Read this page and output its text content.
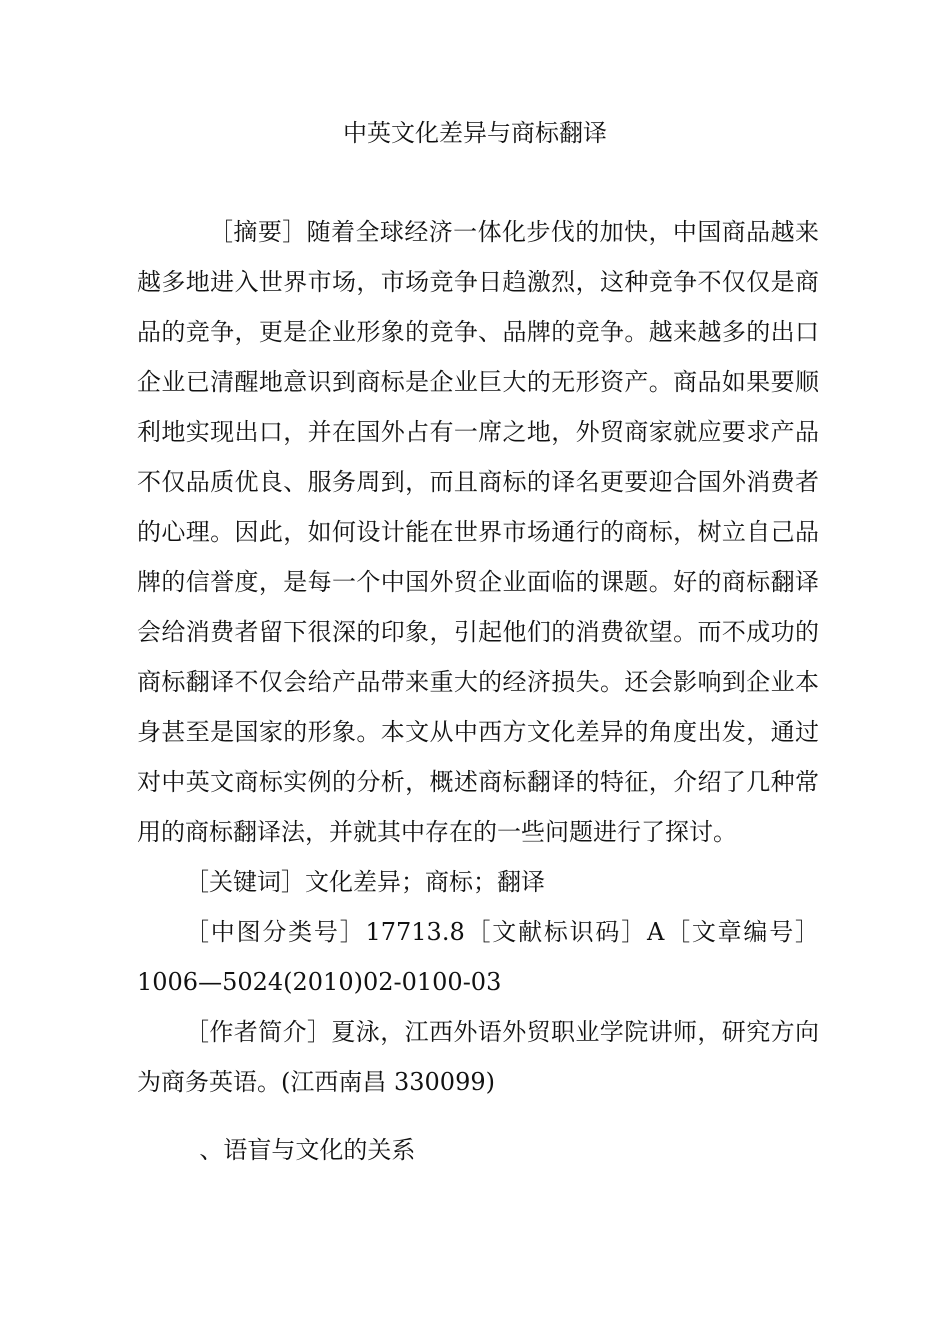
中英文化差异与商标翻译

［摘要］随着全球经济一体化步伐的加快，中国商品越来越多地进入世界市场，市场竞争日趋激烈，这种竞争不仅仅是商品的竞争，更是企业形象的竞争、品牌的竞争。越来越多的出口企业已清醒地意识到商标是企业巨大的无形资产。商品如果要顺利地实现出口，并在国外占有一席之地，外贸商家就应要求产品不仅品质优良、服务周到，而且商标的译名更要迎合国外消费者的心理。因此，如何设计能在世界市场通行的商标，树立自己品牌的信誉度，是每一个中国外贸企业面临的课题。好的商标翻译会给消费者留下很深的印象，引起他们的消费欲望。而不成功的商标翻译不仅会给产品带来重大的经济损失。还会影响到企业本身甚至是国家的形象。本文从中西方文化差异的角度出发，通过对中英文商标实例的分析，概述商标翻译的特征，介绍了几种常用的商标翻译法，并就其中存在的一些问题进行了探讨。

［关键词］文化差异；商标；翻译

［中图分类号］17713.8［文献标识码］A［文章编号］1006—5024(2010)02-0100-03

［作者简介］夏泳，江西外语外贸职业学院讲师，研究方向为商务英语。(江西南昌 330099)

、语盲与文化的关系
